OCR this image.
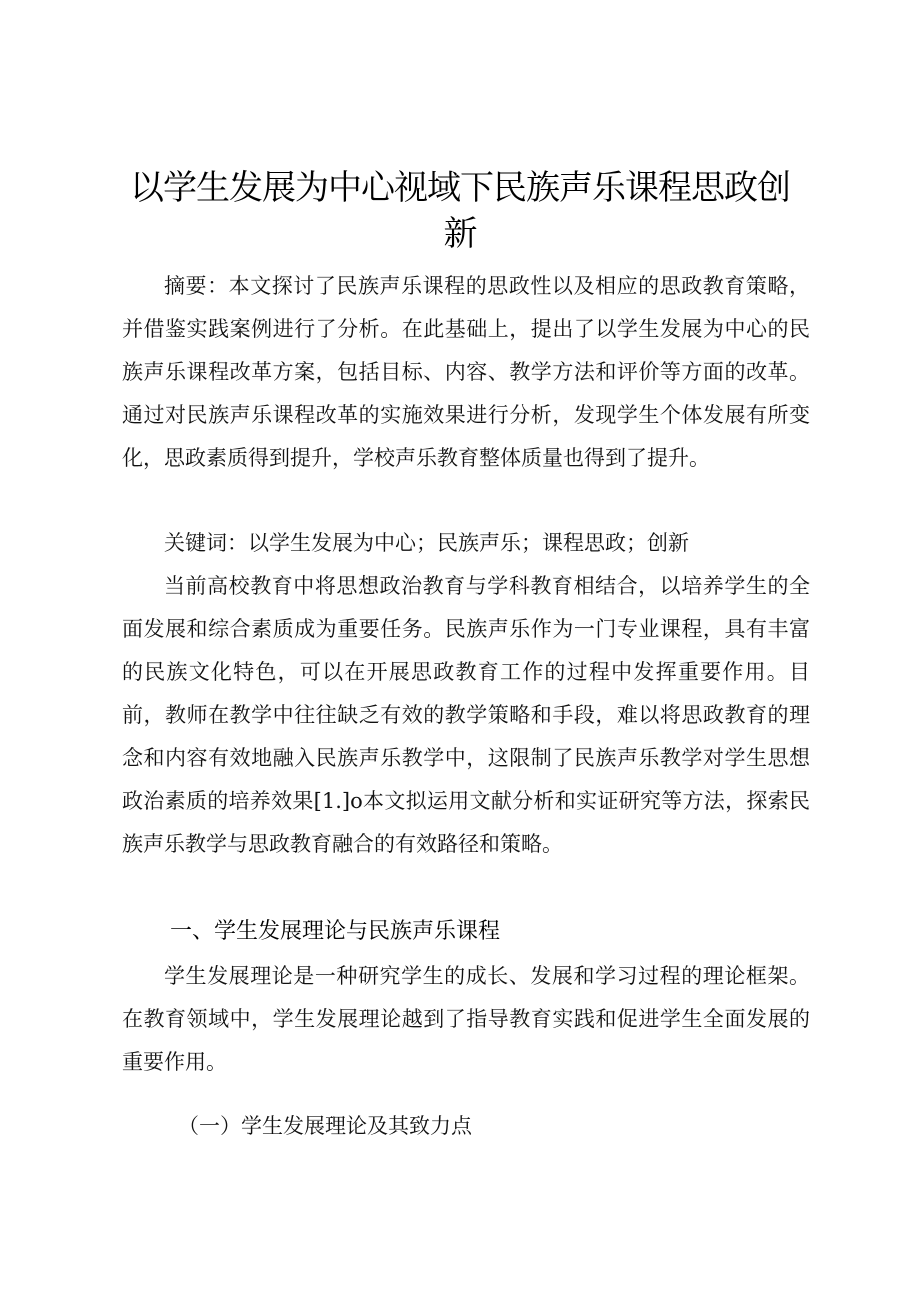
以学生发展为中心视域下民族声乐课程思政创
新

摘要：本文探讨了民族声乐课程的思政性以及相应的思政教育策略，并借鉴实践案例进行了分析。在此基础上，提出了以学生发展为中心的民族声乐课程改革方案，包括目标、内容、教学方法和评价等方面的改革。通过对民族声乐课程改革的实施效果进行分析，发现学生个体发展有所变化，思政素质得到提升，学校声乐教育整体质量也得到了提升。

关键词：以学生发展为中心；民族声乐；课程思政；创新

当前高校教育中将思想政治教育与学科教育相结合，以培养学生的全面发展和综合素质成为重要任务。民族声乐作为一门专业课程，具有丰富的民族文化特色，可以在开展思政教育工作的过程中发挥重要作用。目前，教师在教学中往往缺乏有效的教学策略和手段，难以将思政教育的理念和内容有效地融入民族声乐教学中，这限制了民族声乐教学对学生思想政治素质的培养效果[1.]o本文拟运用文献分析和实证研究等方法，探索民族声乐教学与思政教育融合的有效路径和策略。

一、学生发展理论与民族声乐课程

学生发展理论是一种研究学生的成长、发展和学习过程的理论框架。在教育领域中，学生发展理论越到了指导教育实践和促进学生全面发展的重要作用。

（一）学生发展理论及其致力点
